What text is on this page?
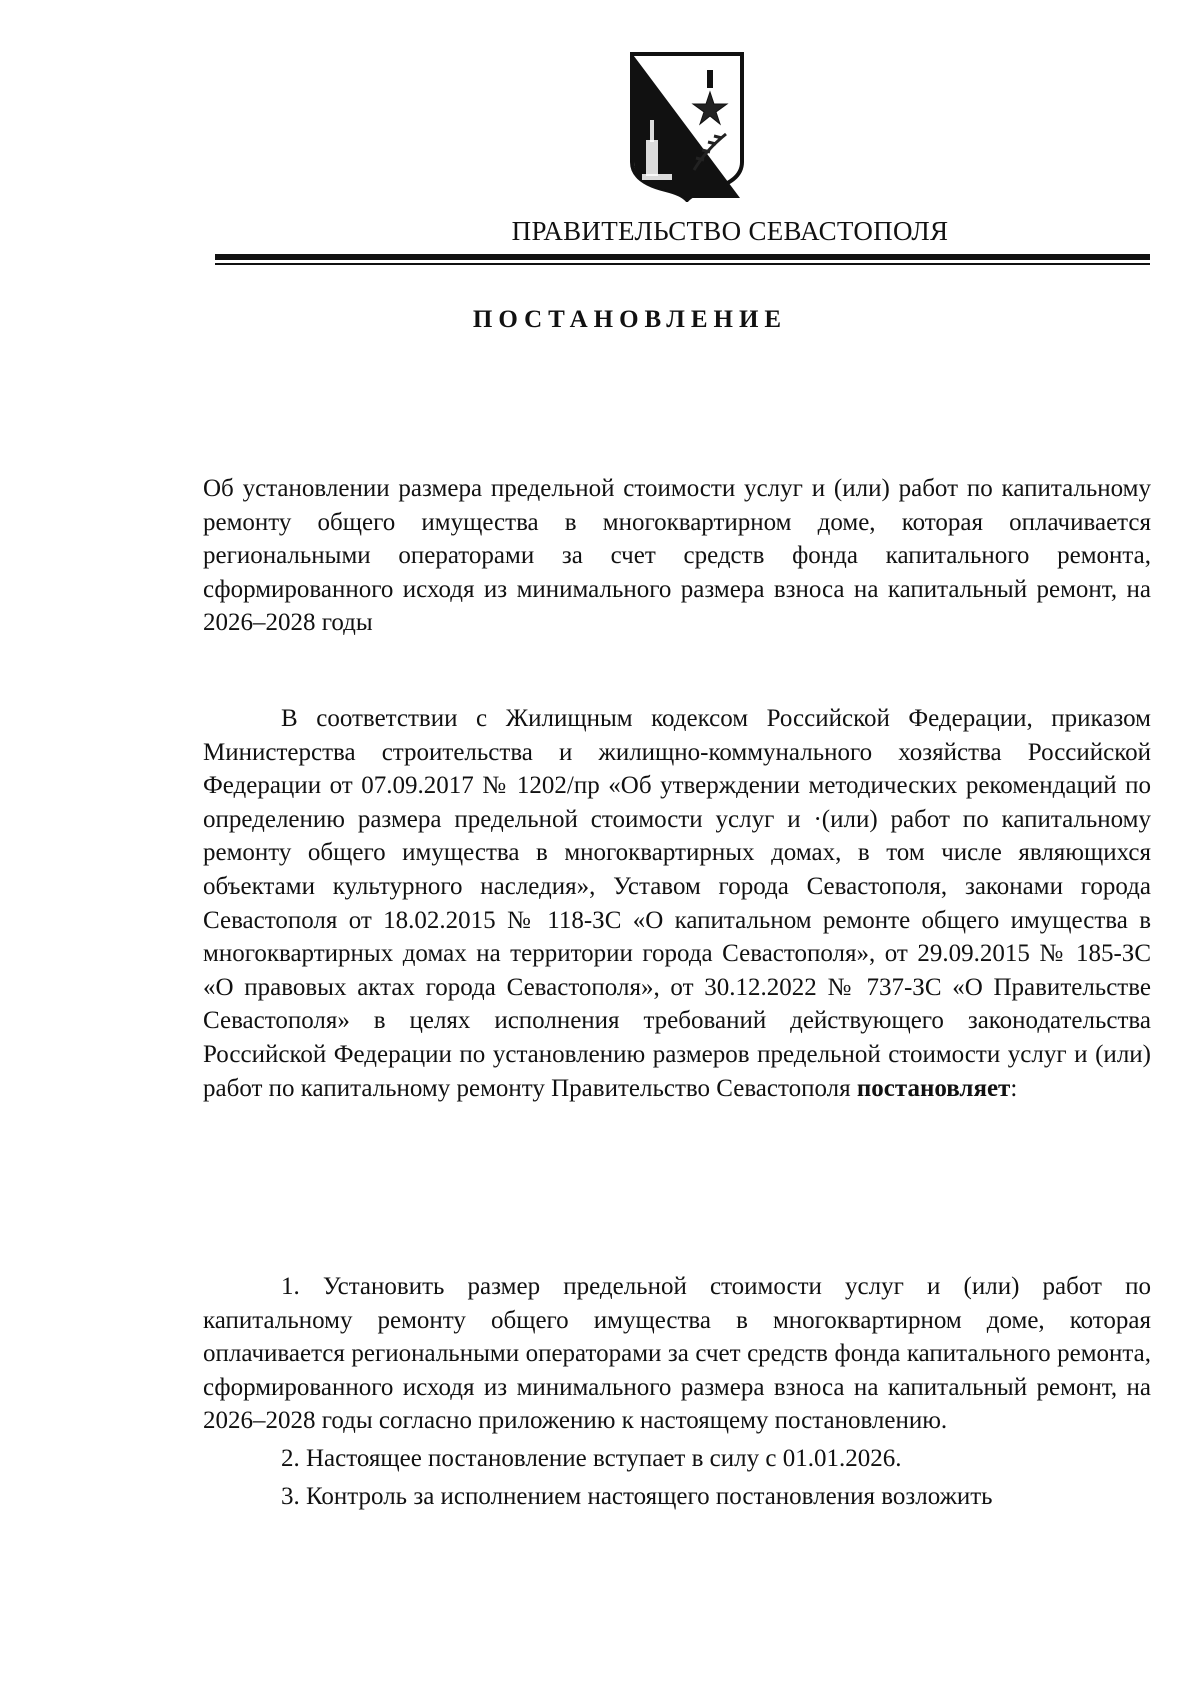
ПРАВИТЕЛЬСТВО СЕВАСТОПОЛЯ
ПОСТАНОВЛЕНИЕ

Об установлении размера предельной стоимости услуг и (или) работ по капитальному ремонту общего имущества в многоквартирном доме, которая оплачивается региональными операторами за счет средств фонда капитального ремонта, сформированного исходя из минимального размера взноса на капитальный ремонт, на 2026–2028 годы

В соответствии с Жилищным кодексом Российской Федерации, приказом Министерства строительства и жилищно-коммунального хозяйства Российской Федерации от 07.09.2017 № 1202/пр «Об утверждении методических рекомендаций по определению размера предельной стоимости услуг и ·(или) работ по капитальному ремонту общего имущества в многоквартирных домах, в том числе являющихся объектами культурного наследия», Уставом города Севастополя, законами города Севастополя от 18.02.2015 № 118-ЗС «О капитальном ремонте общего имущества в многоквартирных домах на территории города Севастополя», от 29.09.2015 № 185-ЗС «О правовых актах города Севастополя», от 30.12.2022 № 737-ЗС «О Правительстве Севастополя» в целях исполнения требований действующего законодательства Российской Федерации по установлению размеров предельной стоимости услуг и (или) работ по капитальному ремонту Правительство Севастополя постановляет:

1. Установить размер предельной стоимости услуг и (или) работ по капитальному ремонту общего имущества в многоквартирном доме, которая оплачивается региональными операторами за счет средств фонда капитального ремонта, сформированного исходя из минимального размера взноса на капитальный ремонт, на 2026–2028 годы согласно приложению к настоящему постановлению.

2. Настоящее постановление вступает в силу с 01.01.2026.

3. Контроль за исполнением настоящего постановления возложить
